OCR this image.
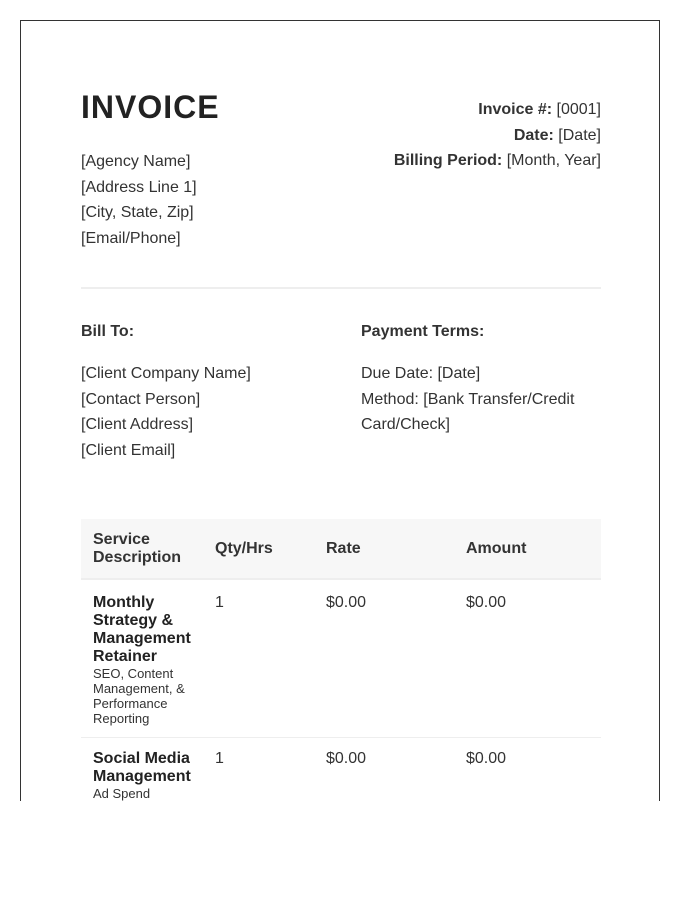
INVOICE
[Agency Name]
[Address Line 1]
[City, State, Zip]
[Email/Phone]
Invoice #: [0001]
Date: [Date]
Billing Period: [Month, Year]
Bill To:
[Client Company Name]
[Contact Person]
[Client Address]
[Client Email]
Payment Terms:
Due Date: [Date]
Method: [Bank Transfer/Credit Card/Check]
Service Description
Qty/Hrs	Rate	Amount
Monthly Strategy & Management Retainer
SEO, Content Management, & Performance Reporting
1	$0.00	$0.00
Social Media Management
Ad Spend
1	$0.00	$0.00
